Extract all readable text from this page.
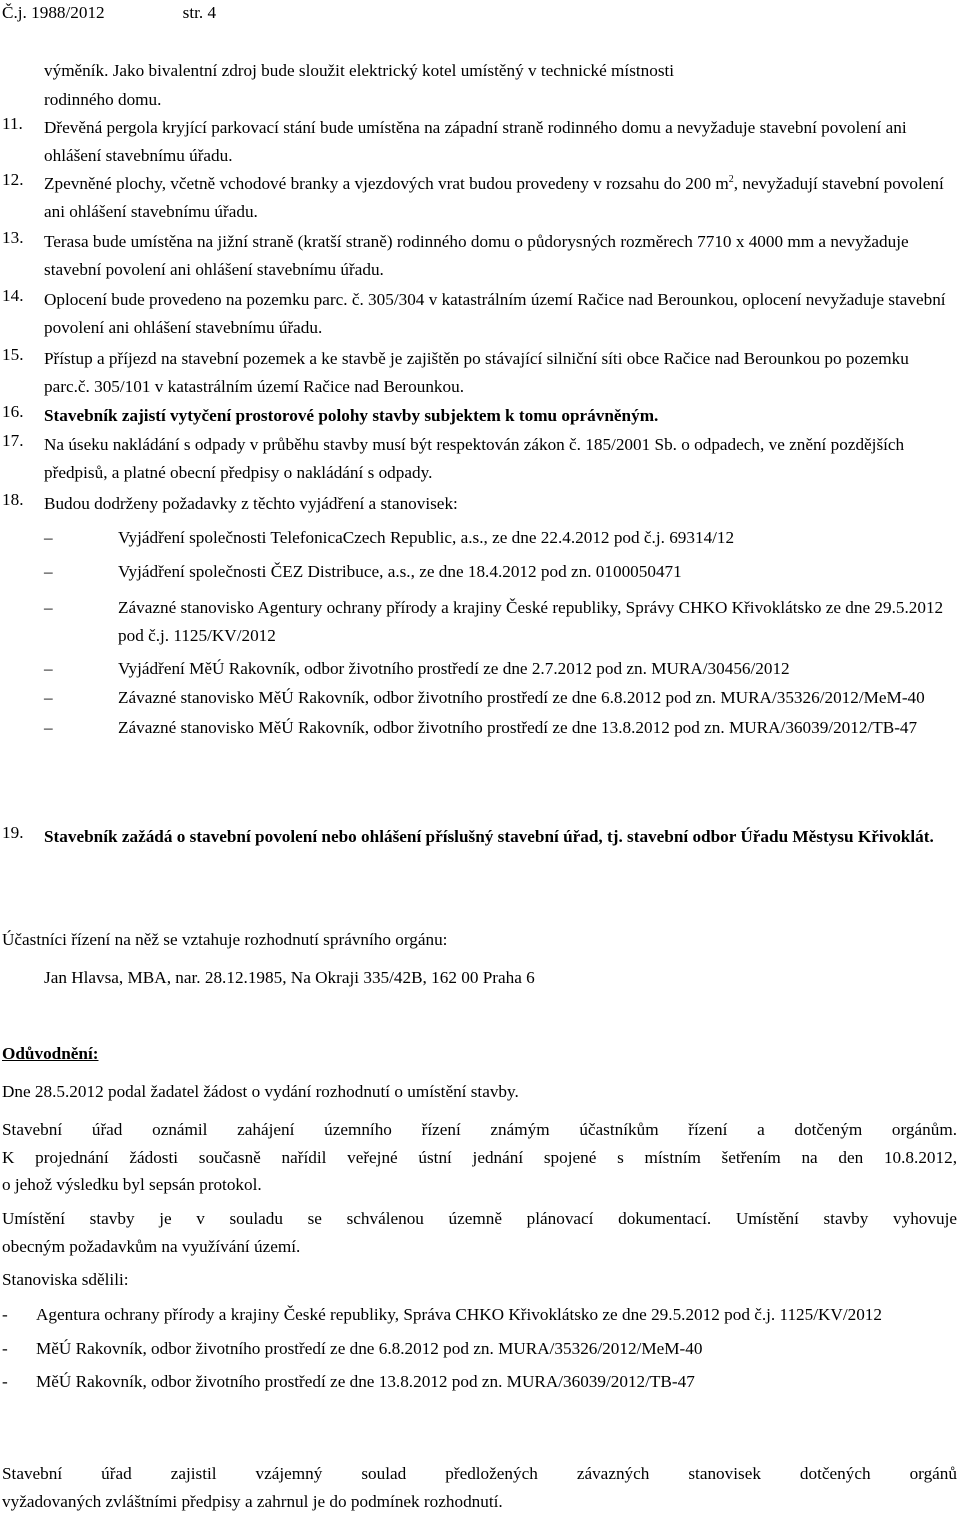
Č.j. 1988/2012	str. 4
výměník. Jako bivalentní zdroj bude sloužit elektrický kotel umístěný v technické místnosti
rodinného domu.
11. Dřevěná pergola kryjící parkovací stání bude umístěna na západní straně rodinného domu a nevyžaduje stavební povolení ani ohlášení stavebnímu úřadu.
12. Zpevněné plochy, včetně vchodové branky a vjezdových vrat budou provedeny v rozsahu do 200 $m^2$, nevyžadují stavební povolení ani ohlášení stavebnímu úřadu.
13. Terasa bude umístěna na jižní straně (kratší straně) rodinného domu o půdorysných rozměrech 7710 x 4000 mm a nevyžaduje stavební povolení ani ohlášení stavebnímu úřadu.
14. Oplocení bude provedeno na pozemku parc. č. 305/304 v katastrálním území Račice nad Berounkou, oplocení nevyžaduje stavební povolení ani ohlášení stavebnímu úřadu.
15. Přístup a příjezd na stavební pozemek a ke stavbě je zajištěn po stávající silniční síti obce Račice nad Berounkou po pozemku parc.č. 305/101 v katastrálním území Račice nad Berounkou.
16. Stavebník zajistí vytyčení prostorové polohy stavby subjektem k tomu oprávněným.
17. Na úseku nakládání s odpady v průběhu stavby musí být respektován zákon č. 185/2001 Sb. o odpadech, ve znění pozdějších předpisů, a platné obecní předpisy o nakládání s odpady.
18. Budou dodrženy požadavky z těchto vyjádření a stanovisek:
–	Vyjádření společnosti TelefonicaCzech Republic, a.s., ze dne 22.4.2012 pod č.j. 69314/12
–	Vyjádření společnosti ČEZ Distribuce, a.s., ze dne 18.4.2012 pod zn. 0100050471
–	Závazné stanovisko Agentury ochrany přírody a krajiny České republiky, Správy CHKO Křivoklátsko ze dne 29.5.2012 pod č.j. 1125/KV/2012
–	Vyjádření MěÚ Rakovník, odbor životního prostředí ze dne 2.7.2012 pod zn. MURA/30456/2012
–	Závazné stanovisko MěÚ Rakovník, odbor životního prostředí ze dne 6.8.2012 pod zn. MURA/35326/2012/MeM-40
–	Závazné stanovisko MěÚ Rakovník, odbor životního prostředí ze dne 13.8.2012 pod zn. MURA/36039/2012/TB-47
19. Stavebník zažádá o stavební povolení nebo ohlášení příslušný stavební úřad, tj. stavební odbor Úřadu Městysu Křivoklát.
Účastníci řízení na něž se vztahuje rozhodnutí správního orgánu:
Jan Hlavsa, MBA, nar. 28.12.1985, Na Okraji 335/42B, 162 00 Praha 6
Odůvodnění:
Dne 28.5.2012 podal žadatel žádost o vydání rozhodnutí o umístění stavby.
Stavební úřad oznámil zahájení územního řízení známým účastníkům řízení a dotčeným orgánům.
K projednání žádosti současně nařídil veřejné ústní jednání spojené s místním šetřením na den 10.8.2012,
o jehož výsledku byl sepsán protokol.
Umístění stavby je v souladu se schválenou územně plánovací dokumentací. Umístění stavby vyhovuje
obecným požadavkům na využívání území.
Stanoviska sdělili:
- Agentura ochrany přírody a krajiny České republiky, Správa CHKO Křivoklátsko ze dne 29.5.2012 pod č.j. 1125/KV/2012
- MěÚ Rakovník, odbor životního prostředí ze dne 6.8.2012 pod zn. MURA/35326/2012/MeM-40
- MěÚ Rakovník, odbor životního prostředí ze dne 13.8.2012 pod zn. MURA/36039/2012/TB-47
Stavební úřad zajistil vzájemný soulad předložených závazných stanovisek dotčených orgánů
vyžadovaných zvláštními předpisy a zahrnul je do podmínek rozhodnutí.
